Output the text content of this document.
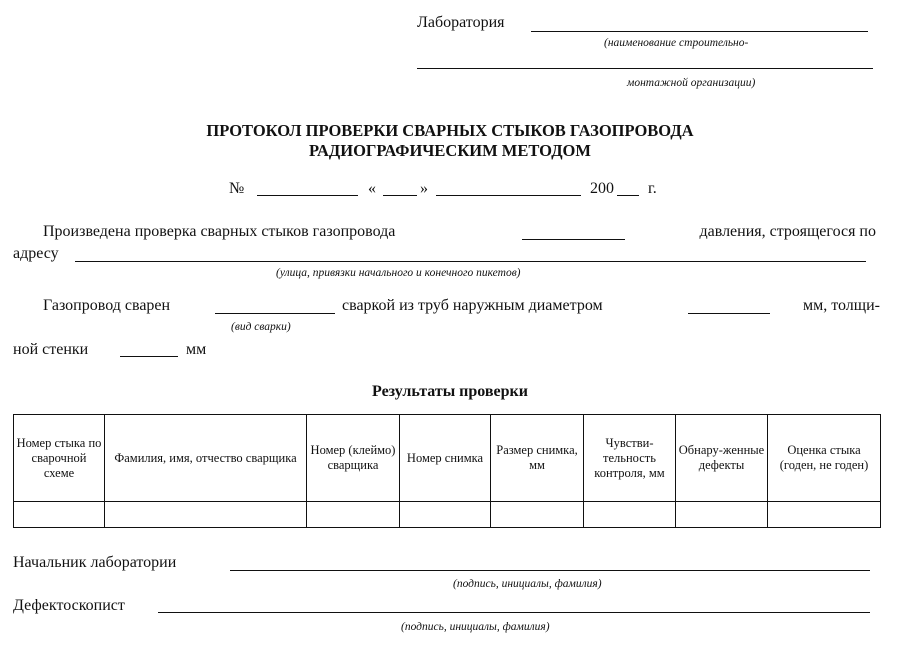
Лаборатория
(наименование строительно-
монтажной организации)
ПРОТОКОЛ ПРОВЕРКИ СВАРНЫХ СТЫКОВ ГАЗОПРОВОДА
РАДИОГРАФИЧЕСКИМ МЕТОДОМ
№	«	»	200 г.
Произведена проверка сварных стыков газопровода	давления, строящегося по
адресу
(улица, привязки начального и конечного пикетов)
Газопровод сварен	сваркой из труб наружным диаметром	мм, толщи-
(вид сварки)
ной стенки	мм
Результаты проверки
Номер стыка по сварочной схеме	Фамилия, имя, отчество сварщика	Номер (клеймо) сварщика	Номер снимка	Размер снимка, мм	Чувстви-тельность контроля, мм	Обнару-женные дефекты	Оценка стыка (годен, не годен)

Начальник лаборатории
(подпись, инициалы, фамилия)
Дефектоскопист
(подпись, инициалы, фамилия)
